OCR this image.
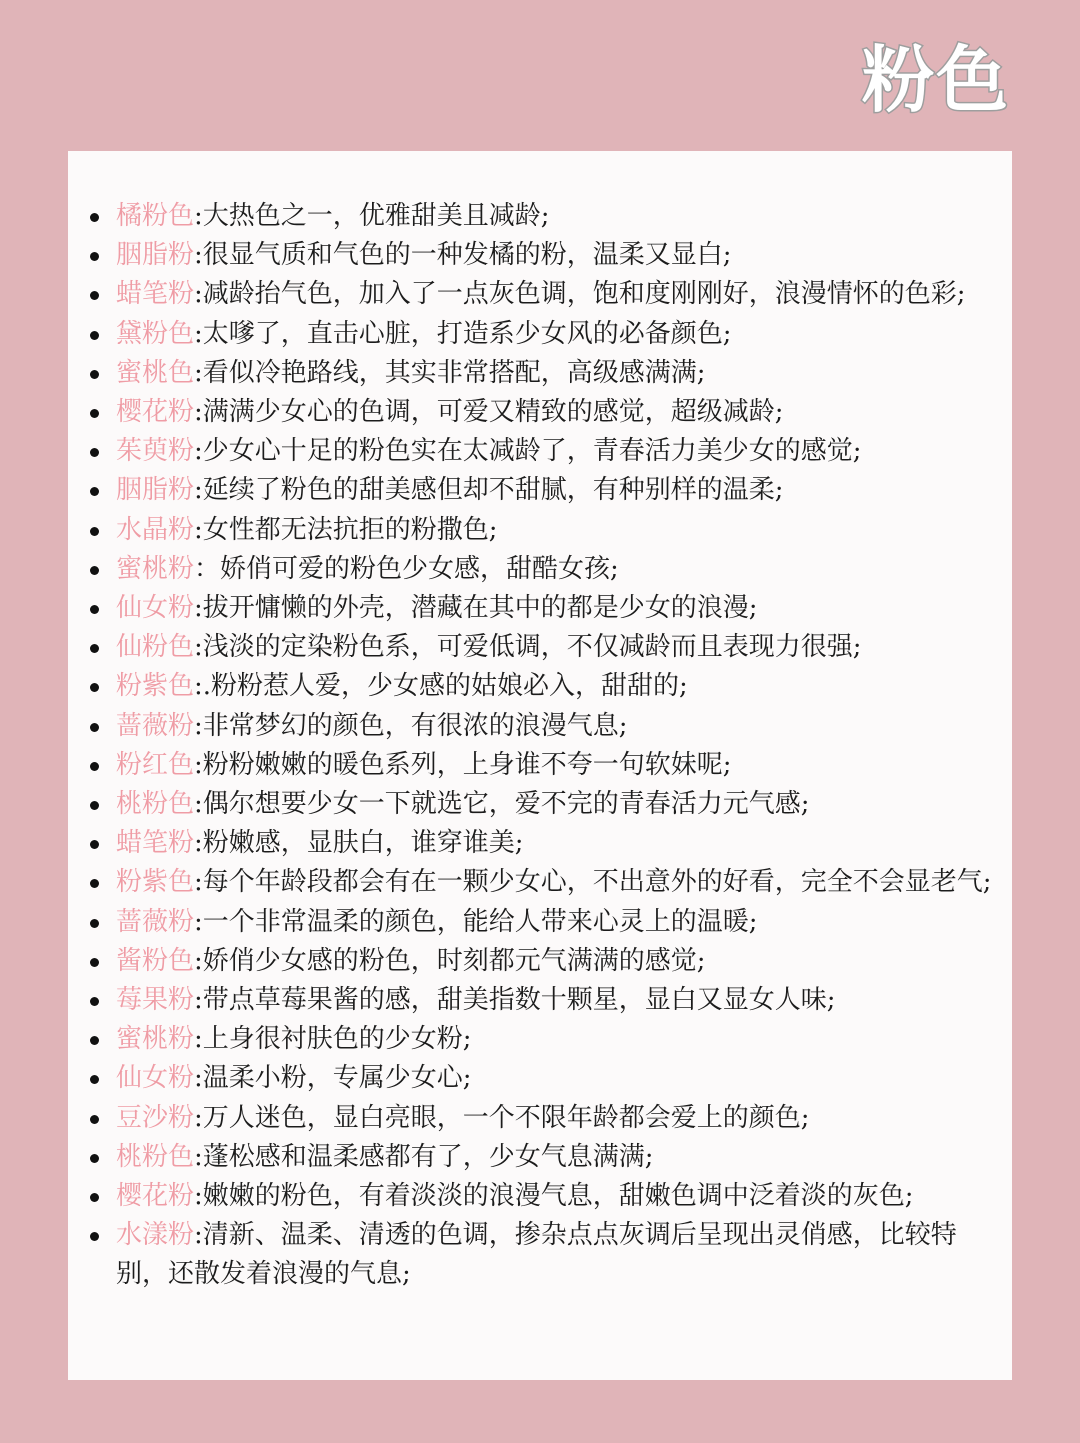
粉色
橘粉色:大热色之一，优雅甜美且减龄;
胭脂粉:很显气质和气色的一种发橘的粉，温柔又显白;
蜡笔粉:减龄抬气色，加入了一点灰色调，饱和度刚刚好，浪漫情怀的色彩;
黛粉色:太嗲了，直击心脏，打造系少女风的必备颜色;
蜜桃色:看似冷艳路线，其实非常搭配，高级感满满;
樱花粉:满满少女心的色调，可爱又精致的感觉，超级减龄;
茱萸粉:少女心十足的粉色实在太减龄了，青春活力美少女的感觉;
胭脂粉:延续了粉色的甜美感但却不甜腻，有种别样的温柔;
水晶粉:女性都无法抗拒的粉撒色;
蜜桃粉：娇俏可爱的粉色少女感，甜酷女孩;
仙女粉:拔开慵懒的外壳，潜藏在其中的都是少女的浪漫;
仙粉色:浅淡的定染粉色系，可爱低调，不仅减龄而且表现力很强;
粉紫色:.粉粉惹人爱，少女感的姑娘必入，甜甜的;
蔷薇粉:非常梦幻的颜色，有很浓的浪漫气息;
粉红色:粉粉嫩嫩的暖色系列，上身谁不夸一句软妹呢;
桃粉色:偶尔想要少女一下就选它，爱不完的青春活力元气感;
蜡笔粉:粉嫩感，显肤白，谁穿谁美;
粉紫色:每个年龄段都会有在一颗少女心，不出意外的好看，完全不会显老气;
蔷薇粉:一个非常温柔的颜色，能给人带来心灵上的温暖;
酱粉色:娇俏少女感的粉色，时刻都元气满满的感觉;
莓果粉:带点草莓果酱的感，甜美指数十颗星，显白又显女人味;
蜜桃粉:上身很衬肤色的少女粉;
仙女粉:温柔小粉，专属少女心;
豆沙粉:万人迷色，显白亮眼，一个不限年龄都会爱上的颜色;
桃粉色:蓬松感和温柔感都有了，少女气息满满;
樱花粉:嫩嫩的粉色，有着淡淡的浪漫气息，甜嫩色调中泛着淡的灰色;
水漾粉:清新、温柔、清透的色调，掺杂点点灰调后呈现出灵俏感，比较特别，还散发着浪漫的气息;
